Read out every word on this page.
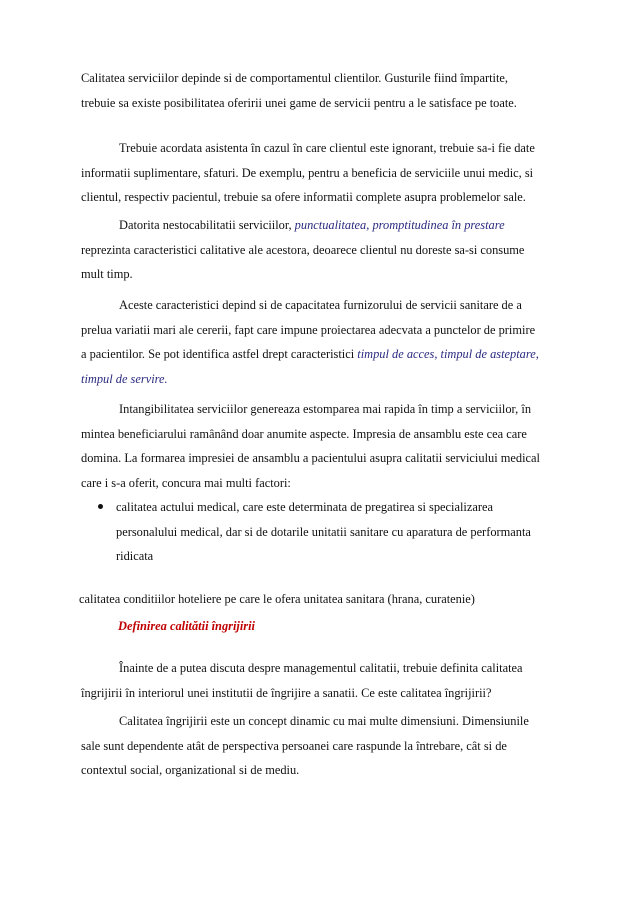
Calitatea serviciilor depinde si de comportamentul clientilor. Gusturile fiind împartite,
trebuie sa existe posibilitatea oferirii unei game de servicii pentru a le satisface pe toate.
Trebuie acordata asistenta în cazul în care clientul este ignorant, trebuie sa-i fie date
informatii suplimentare, sfaturi. De exemplu, pentru a beneficia de serviciile unui medic, si
clientul, respectiv pacientul, trebuie sa ofere informatii complete asupra problemelor sale.
Datorita nestocabilitatii serviciilor, punctualitatea, promptitudinea în prestare
reprezinta caracteristici calitative ale acestora, deoarece clientul nu doreste sa-si consume
mult timp.
Aceste caracteristici depind si de capacitatea furnizorului de servicii sanitare de a
prelua variatii mari ale cererii, fapt care impune proiectarea adecvata a punctelor de primire
a pacientilor. Se pot identifica astfel drept caracteristici timpul de acces, timpul de asteptare,
timpul de servire.
Intangibilitatea serviciilor genereaza estomparea mai rapida în timp a serviciilor, în
mintea beneficiarului ramânând doar anumite aspecte. Impresia de ansamblu este cea care
domina. La formarea impresiei de ansamblu a pacientului asupra calitatii serviciului medical
care i s-a oferit, concura mai multi factori:
calitatea actului medical, care este determinata de pregatirea si specializarea
personalului medical, dar si de dotarile unitatii sanitare cu aparatura de performanta
ridicata
calitatea conditiilor hoteliere pe care le ofera unitatea sanitara (hrana, curatenie)
Definirea calitătii îngrijirii
Înainte de a putea discuta despre managementul calitatii, trebuie definita calitatea
îngrijirii în interiorul unei institutii de îngrijire a sanatii. Ce este calitatea îngrijirii?
Calitatea îngrijirii este un concept dinamic cu mai multe dimensiuni. Dimensiunile
sale sunt dependente atât de perspectiva persoanei care raspunde la întrebare, cât si de
contextul social, organizational si de mediu.
